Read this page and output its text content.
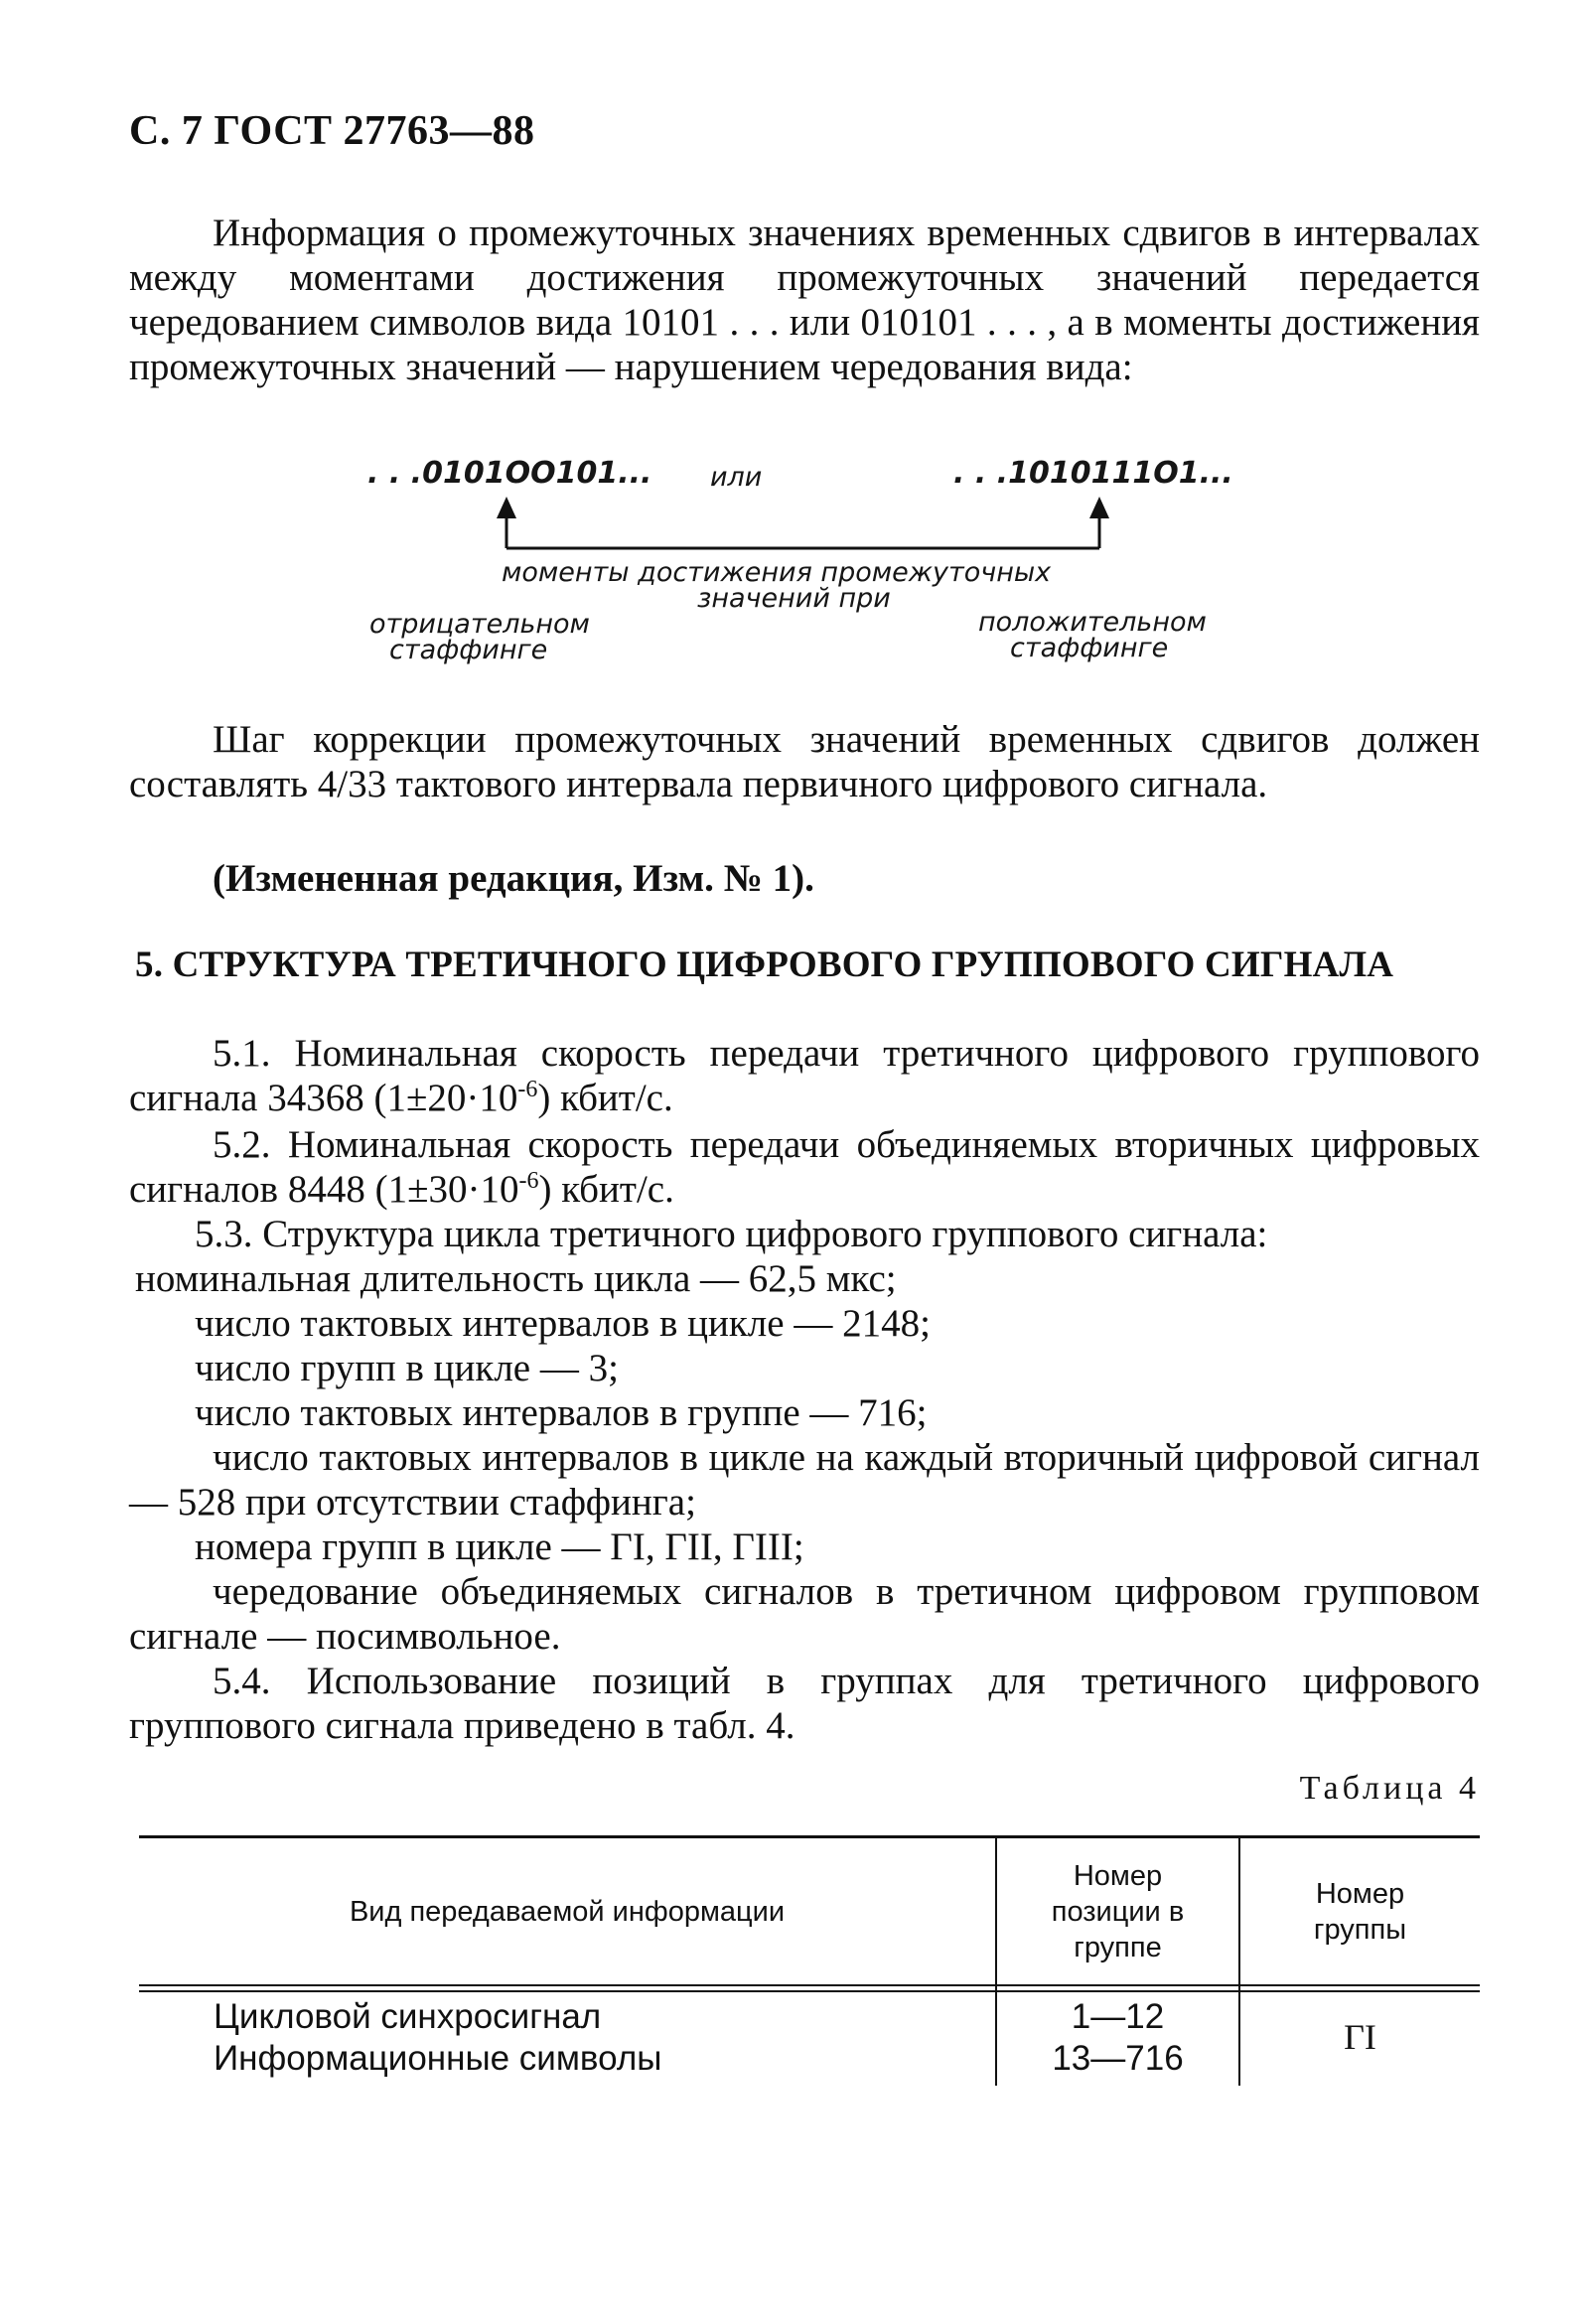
С. 7 ГОСТ 27763—88
Информация о промежуточных значениях временных сдвигов в интервалах между моментами достижения промежуточных значений передается чередованием символов вида 10101 . . . или 010101 . . . , а в моменты достижения промежуточных значений — нарушением чередования вида:
. . .0101ОО101... или	. . .1010111О1...
моменты достижения промежуточных
значений при
отрицательном
стаффинге
положительном
стаффинге
Шаг коррекции промежуточных значений временных сдвигов должен составлять 4/33 тактового интервала первичного цифрового сигнала.
(Измененная редакция, Изм. № 1).
5. СТРУКТУРА ТРЕТИЧНОГО ЦИФРОВОГО ГРУППОВОГО СИГНАЛА
5.1. Номинальная скорость передачи третичного цифрового группового сигнала 34368 $(1\pm 20\cdot 10^{-6})$ кбит/с.
5.2. Номинальная скорость передачи объединяемых вторичных цифровых сигналов 8448 $(1\pm 30\cdot 10^{-6})$ кбит/с.
5.3. Структура цикла третичного цифрового группового сигнала:
номинальная длительность цикла — 62,5 мкс;
число тактовых интервалов в цикле — 2148;
число групп в цикле — 3;
число тактовых интервалов в группе — 716;
число тактовых интервалов в цикле на каждый вторичный цифровой сигнал — 528 при отсутствии стаффинга;
номера групп в цикле — ГI, ГII, ГIII;
чередование объединяемых сигналов в третичном цифровом групповом сигнале — посимвольное.
5.4. Использование позиций в группах для третичного цифрового группового сигнала приведено в табл. 4.
Таблица 4
Вид передаваемой информации
Номер
позиции в
группе
Номер
группы
Цикловой синхросигнал
Информационные символы
1—12
13—716
ГI
